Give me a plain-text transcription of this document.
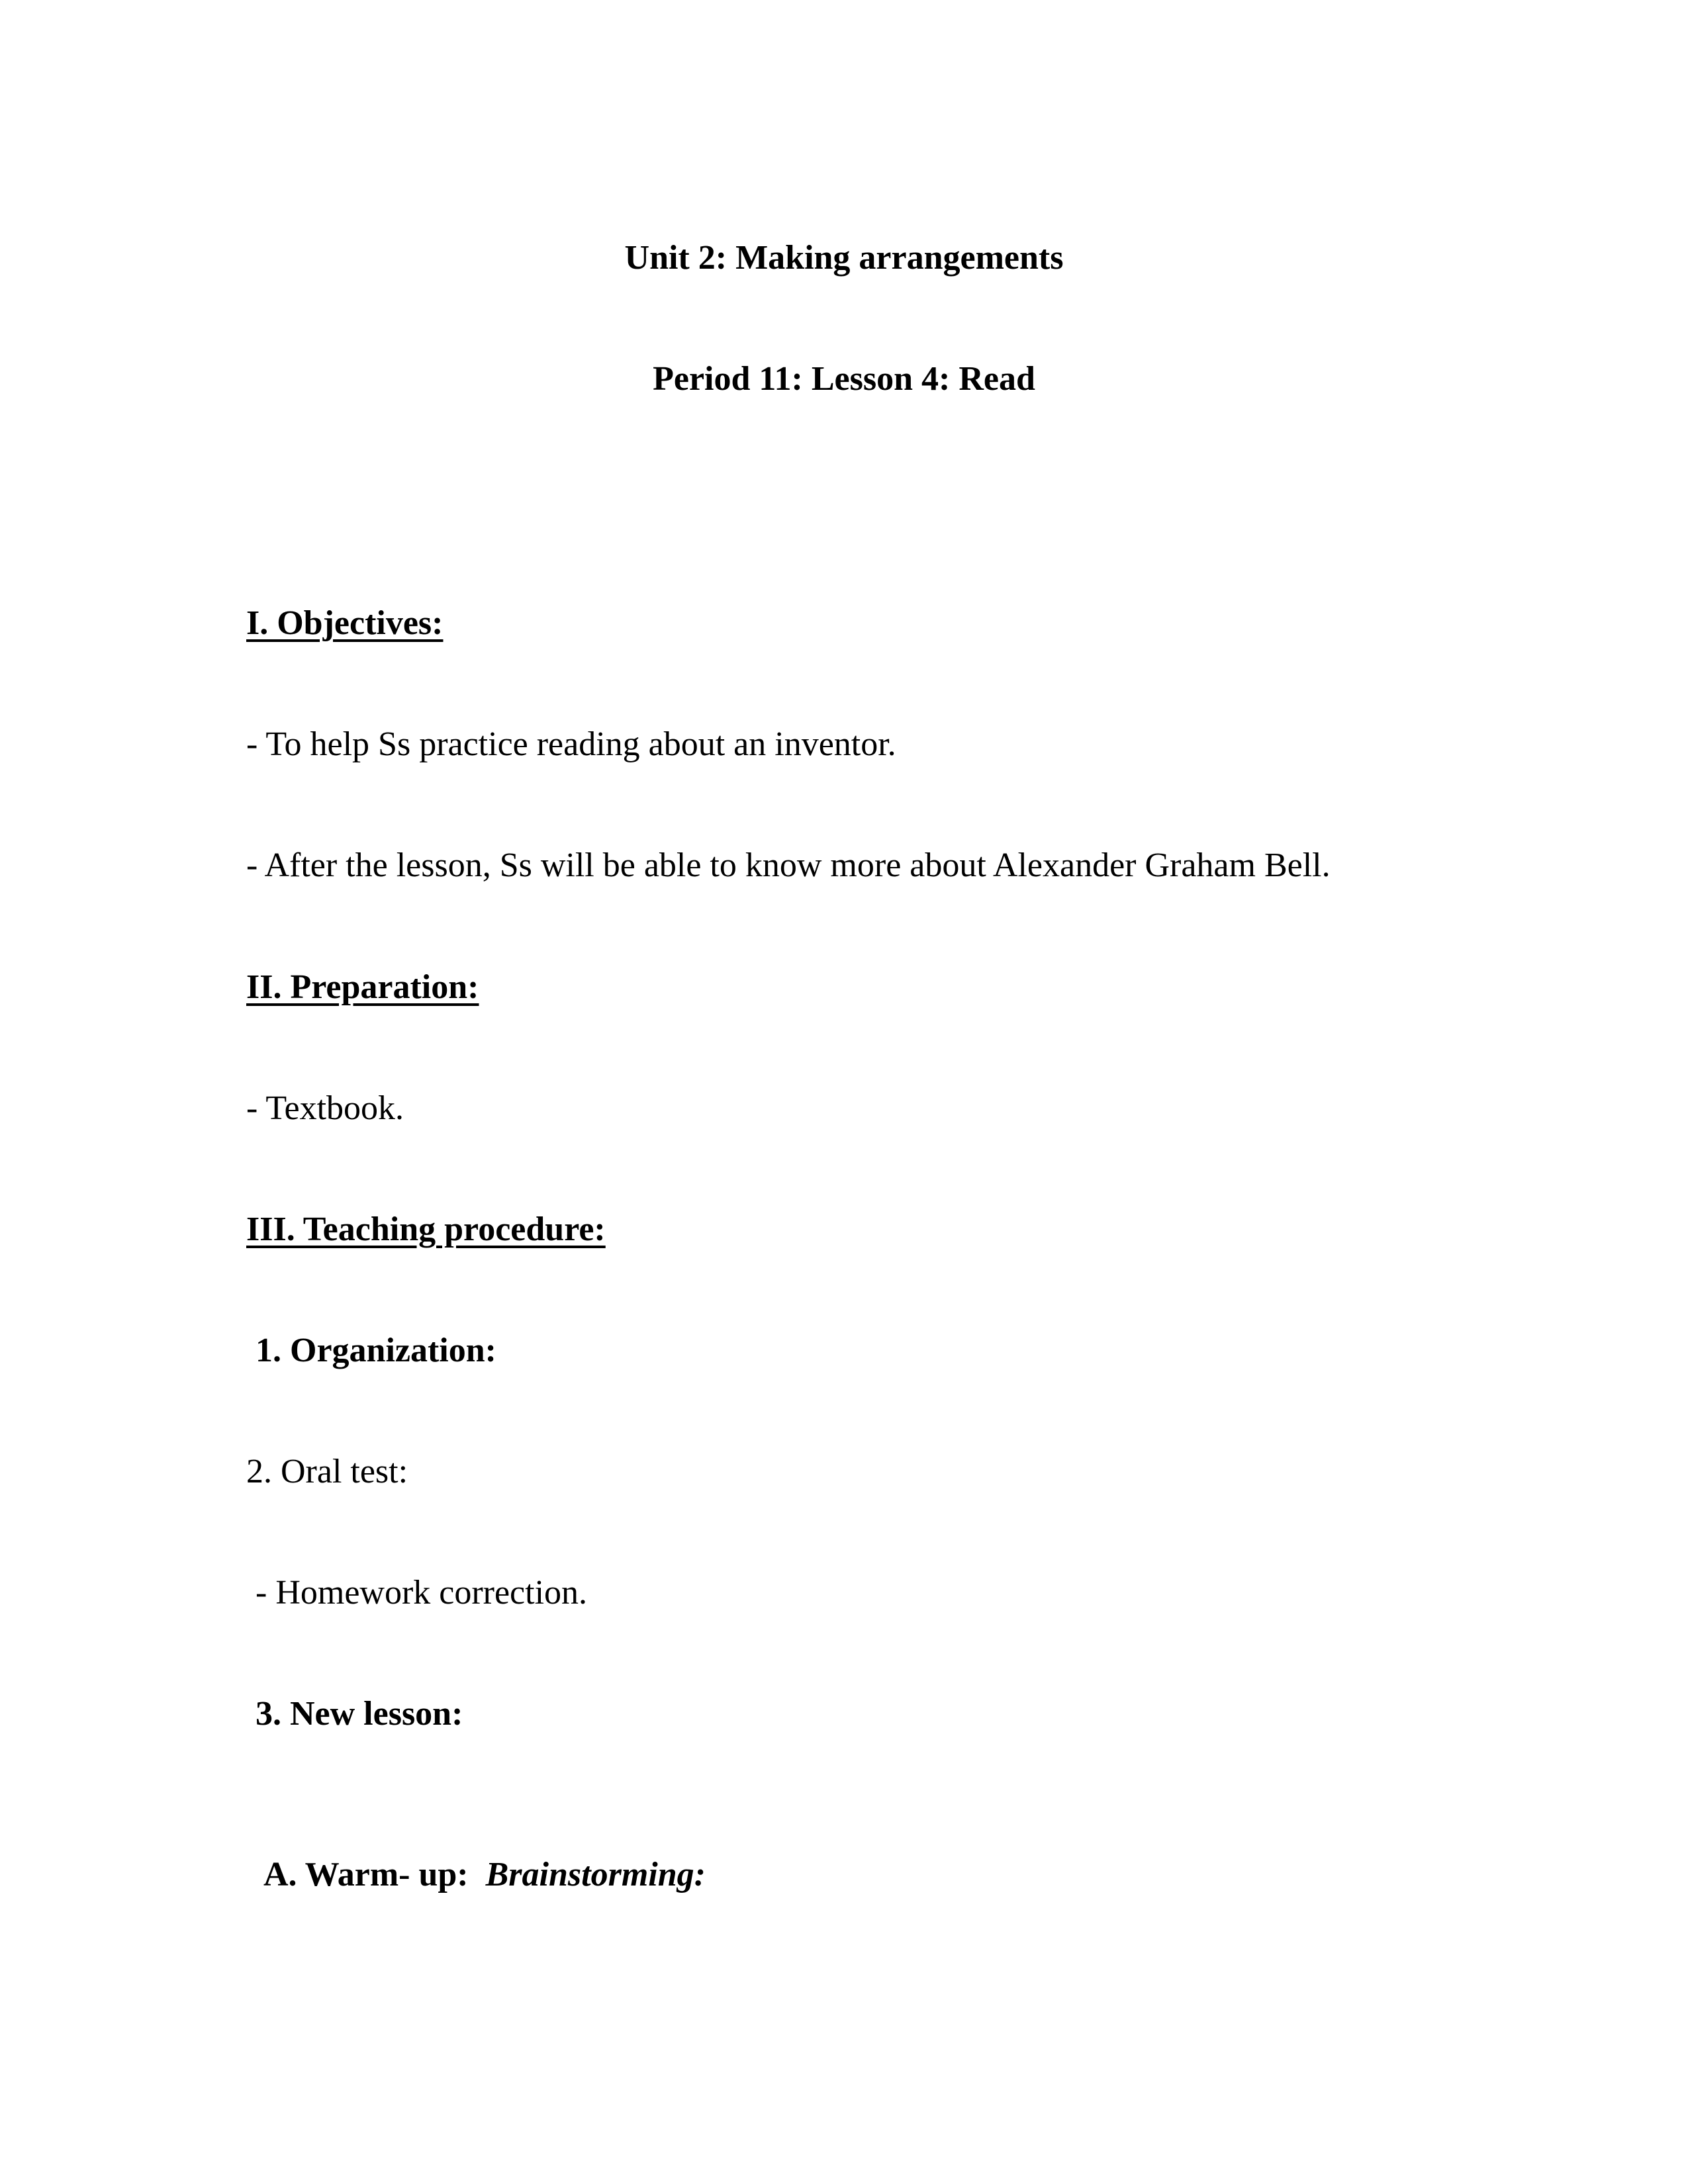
Unit 2: Making arrangements
Period 11: Lesson 4: Read
I. Objectives:
- To help Ss practice reading about an inventor.
- After the lesson, Ss will be able to know more about Alexander Graham Bell.
II. Preparation:
- Textbook.
III. Teaching procedure:
1. Organization:
2. Oral test:
- Homework correction.
3. New lesson:

A. Warm- up: Brainstorming:
